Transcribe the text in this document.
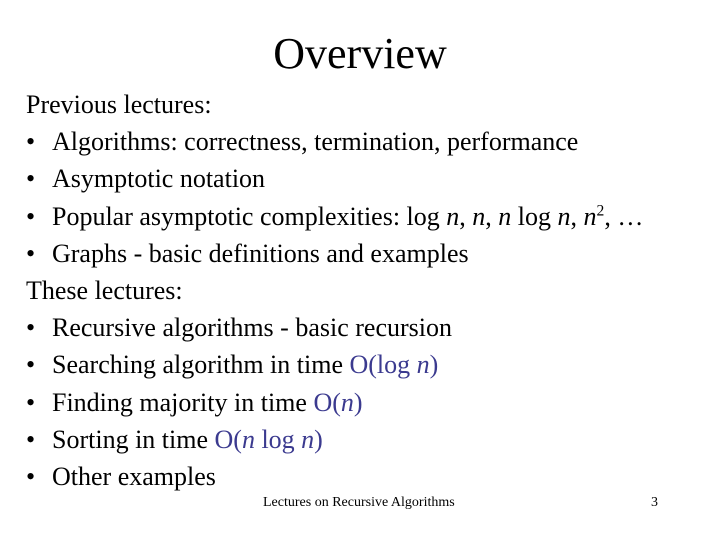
Overview
Previous lectures:
• Algorithms: correctness, termination, performance
• Asymptotic notation
• Popular asymptotic complexities: log n, n, n log n, $n^2$, …
• Graphs - basic definitions and examples
These lectures:
• Recursive algorithms - basic recursion
• Searching algorithm in time O(log n)
• Finding majority in time O(n)
• Sorting in time O(n log n)
• Other examples
Lectures on Recursive Algorithms	3
